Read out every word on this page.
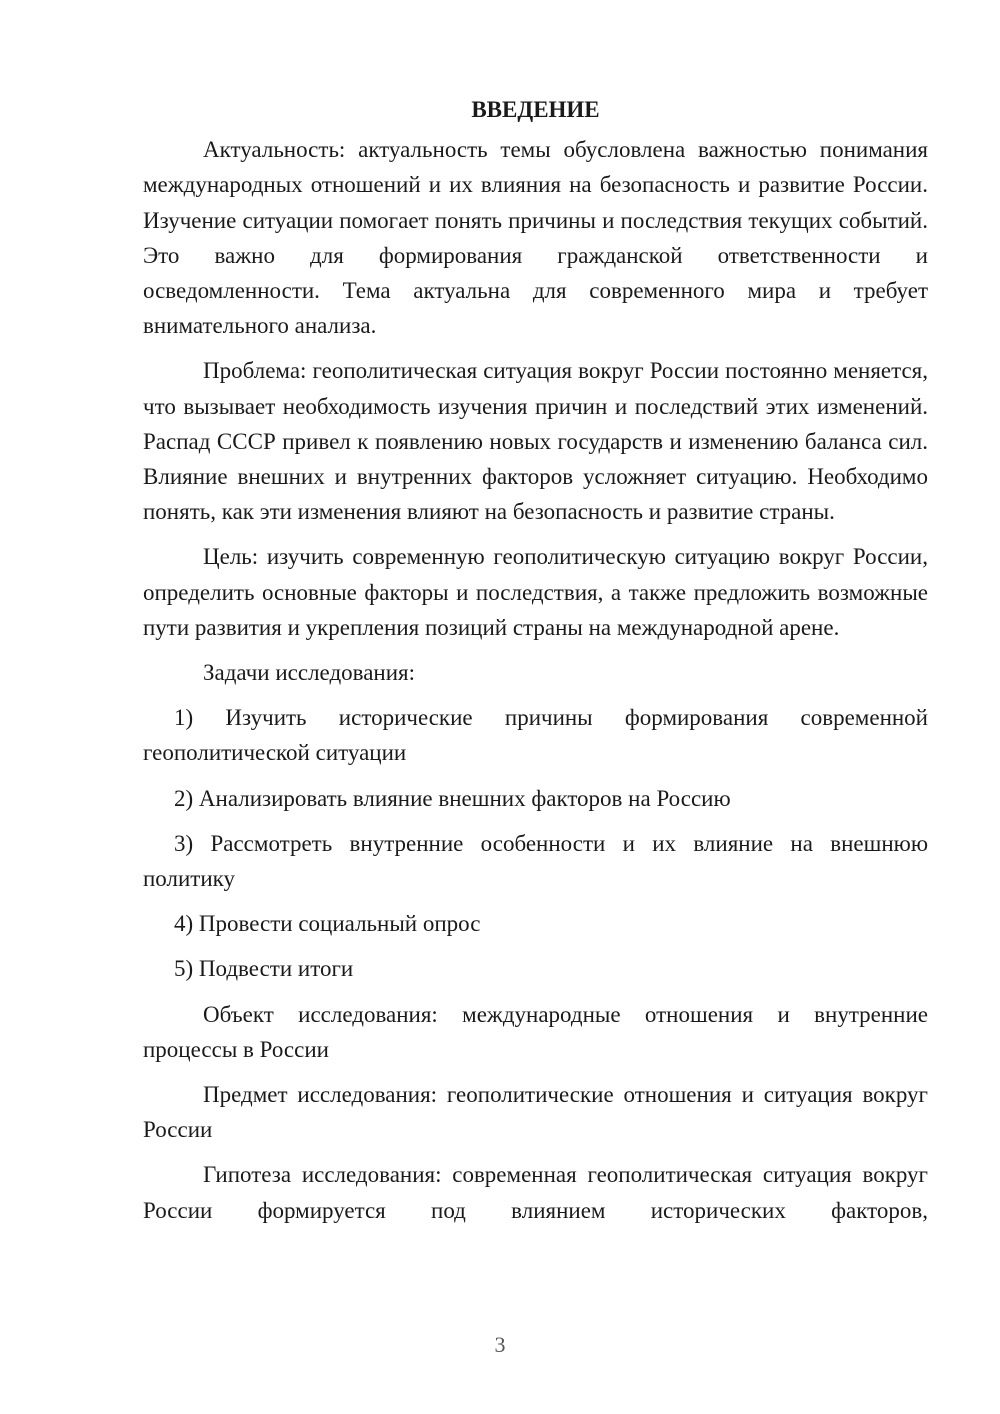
ВВЕДЕНИЕ

Актуальность: актуальность темы обусловлена важностью понимания международных отношений и их влияния на безопасность и развитие России. Изучение ситуации помогает понять причины и последствия текущих событий. Это важно для формирования гражданской ответственности и осведомленности. Тема актуальна для современного мира и требует внимательного анализа.

Проблема: геополитическая ситуация вокруг России постоянно меняется, что вызывает необходимость изучения причин и последствий этих изменений. Распад СССР привел к появлению новых государств и изменению баланса сил. Влияние внешних и внутренних факторов усложняет ситуацию. Необходимо понять, как эти изменения влияют на безопасность и развитие страны.

Цель: изучить современную геополитическую ситуацию вокруг России, определить основные факторы и последствия, а также предложить возможные пути развития и укрепления позиций страны на международной арене.

Задачи исследования:

1) Изучить исторические причины формирования современной геополитической ситуации

2) Анализировать влияние внешних факторов на Россию

3) Рассмотреть внутренние особенности и их влияние на внешнюю политику

4) Провести социальный опрос

5) Подвести итоги

Объект исследования: международные отношения и внутренние процессы в России

Предмет исследования: геополитические отношения и ситуация вокруг России

Гипотеза исследования: современная геополитическая ситуация вокруг России формируется под влиянием исторических факторов,

3
